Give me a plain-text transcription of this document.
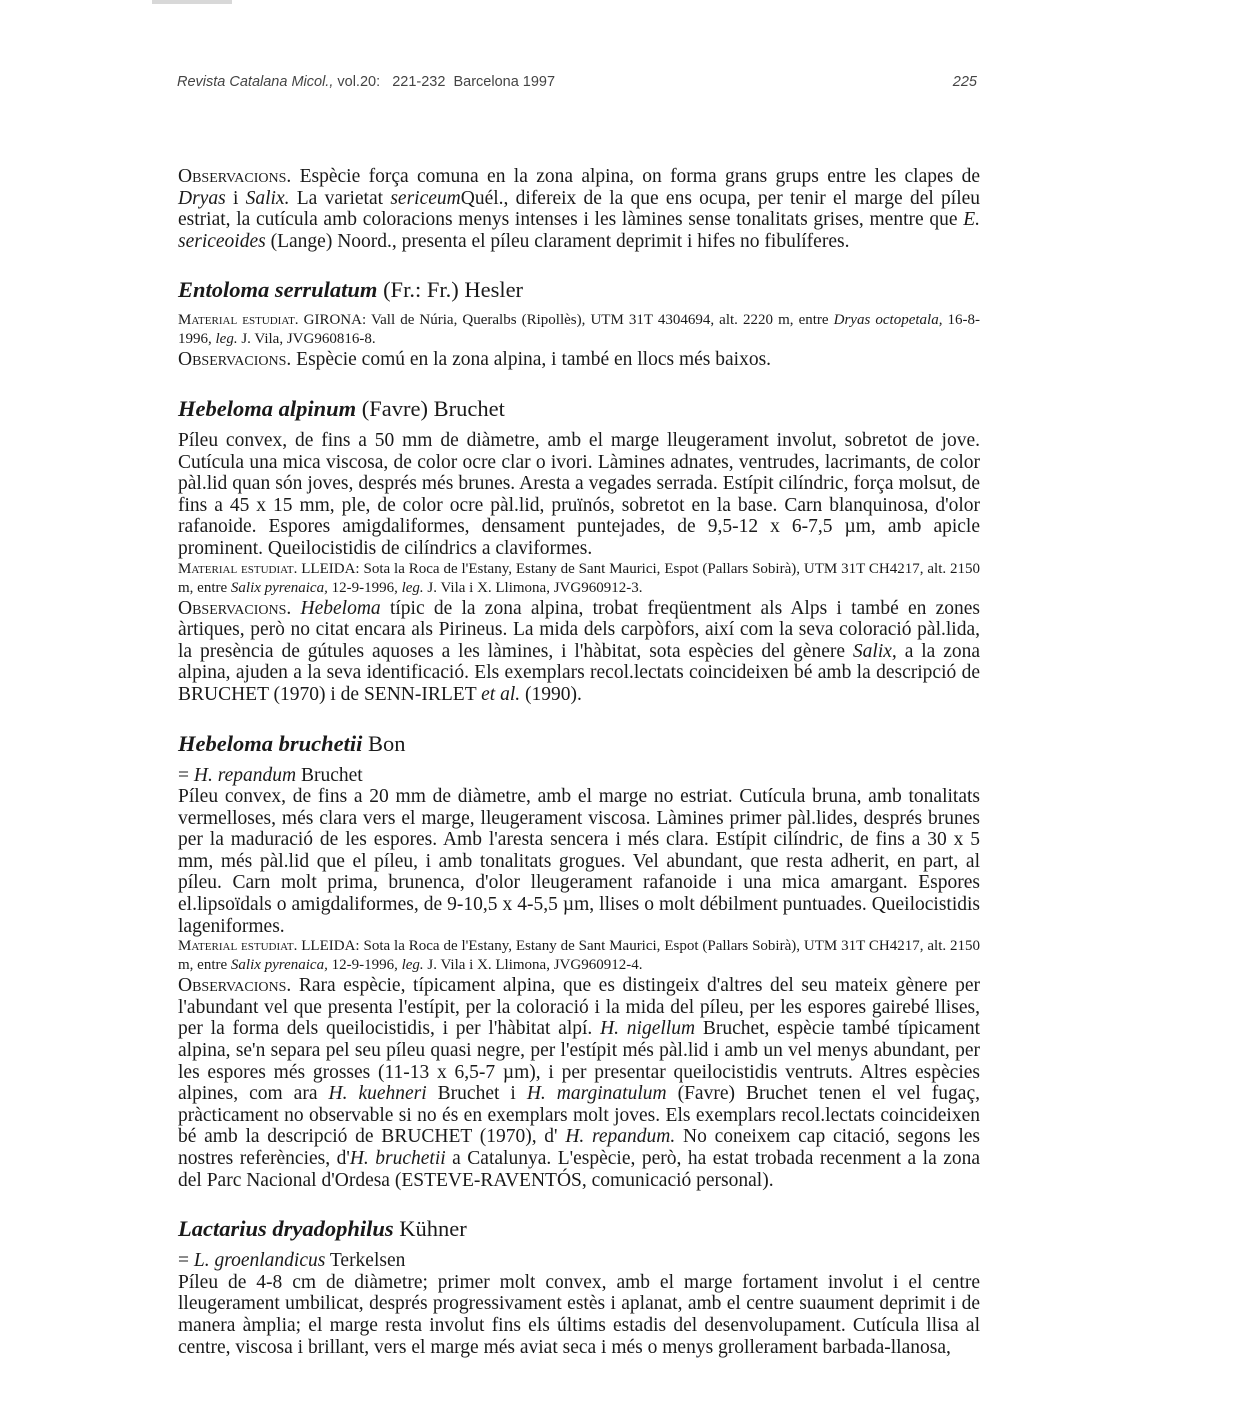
Revista Catalana Micol., vol.20: 221-232 Barcelona 1997	225

Observacions. Espècie força comuna en la zona alpina, on forma grans grups entre les clapes de Dryas i Salix. La varietat sericeumQuél., difereix de la que ens ocupa, per tenir el marge del píleu estriat, la cutícula amb coloracions menys intenses i les làmines sense tonalitats grises, mentre que E. sericeoides (Lange) Noord., presenta el píleu clarament deprimit i hifes no fibulíferes.

Entoloma serrulatum (Fr.: Fr.) Hesler

Material estudiat. GIRONA: Vall de Núria, Queralbs (Ripollès), UTM 31T 4304694, alt. 2220 m, entre Dryas octopetala, 16-8-1996, leg. J. Vila, JVG960816-8.

Observacions. Espècie comú en la zona alpina, i també en llocs més baixos.

Hebeloma alpinum (Favre) Bruchet

Píleu convex, de fins a 50 mm de diàmetre, amb el marge lleugerament involut, sobretot de jove. Cutícula una mica viscosa, de color ocre clar o ivori. Làmines adnates, ventrudes, lacrimants, de color pàl.lid quan són joves, després més brunes. Aresta a vegades serrada. Estípit cilíndric, força molsut, de fins a 45 x 15 mm, ple, de color ocre pàl.lid, pruïnós, sobretot en la base. Carn blanquinosa, d'olor rafanoide. Espores amigdaliformes, densament puntejades, de 9,5-12 x 6-7,5 µm, amb apicle prominent. Queilocistidis de cilíndrics a claviformes.

Material estudiat. LLEIDA: Sota la Roca de l'Estany, Estany de Sant Maurici, Espot (Pallars Sobirà), UTM 31T CH4217, alt. 2150 m, entre Salix pyrenaica, 12-9-1996, leg. J. Vila i X. Llimona, JVG960912-3.

Observacions. Hebeloma típic de la zona alpina, trobat freqüentment als Alps i també en zones àrtiques, però no citat encara als Pirineus. La mida dels carpòfors, així com la seva coloració pàl.lida, la presència de gútules aquoses a les làmines, i l'hàbitat, sota espècies del gènere Salix, a la zona alpina, ajuden a la seva identificació. Els exemplars recol.lectats coincideixen bé amb la descripció de BRUCHET (1970) i de SENN-IRLET et al. (1990).

Hebeloma bruchetii Bon

= H. repandum Bruchet

Píleu convex, de fins a 20 mm de diàmetre, amb el marge no estriat. Cutícula bruna, amb tonalitats vermelloses, més clara vers el marge, lleugerament viscosa. Làmines primer pàl.lides, després brunes per la maduració de les espores. Amb l'aresta sencera i més clara. Estípit cilíndric, de fins a 30 x 5 mm, més pàl.lid que el píleu, i amb tonalitats grogues. Vel abundant, que resta adherit, en part, al píleu. Carn molt prima, brunenca, d'olor lleugerament rafanoide i una mica amargant. Espores el.lipsoïdals o amigdaliformes, de 9-10,5 x 4-5,5 µm, llises o molt débilment puntuades. Queilocistidis lageniformes.

Material estudiat. LLEIDA: Sota la Roca de l'Estany, Estany de Sant Maurici, Espot (Pallars Sobirà), UTM 31T CH4217, alt. 2150 m, entre Salix pyrenaica, 12-9-1996, leg. J. Vila i X. Llimona, JVG960912-4.

Observacions. Rara espècie, típicament alpina, que es distingeix d'altres del seu mateix gènere per l'abundant vel que presenta l'estípit, per la coloració i la mida del píleu, per les espores gairebé llises, per la forma dels queilocistidis, i per l'hàbitat alpí. H. nigellum Bruchet, espècie també típicament alpina, se'n separa pel seu píleu quasi negre, per l'estípit més pàl.lid i amb un vel menys abundant, per les espores més grosses (11-13 x 6,5-7 µm), i per presentar queilocistidis ventruts. Altres espècies alpines, com ara H. kuehneri Bruchet i H. marginatulum (Favre) Bruchet tenen el vel fugaç, pràcticament no observable si no és en exemplars molt joves. Els exemplars recol.lectats coincideixen bé amb la descripció de BRUCHET (1970), d' H. repandum. No coneixem cap citació, segons les nostres referències, d'H. bruchetii a Catalunya. L'espècie, però, ha estat trobada recenment a la zona del Parc Nacional d'Ordesa (ESTEVE-RAVENTÓS, comunicació personal).

Lactarius dryadophilus Kühner

= L. groenlandicus Terkelsen

Píleu de 4-8 cm de diàmetre; primer molt convex, amb el marge fortament involut i el centre lleugerament umbilicat, després progressivament estès i aplanat, amb el centre suaument deprimit i de manera àmplia; el marge resta involut fins els últims estadis del desenvolupament. Cutícula llisa al centre, viscosa i brillant, vers el marge més aviat seca i més o menys grollerament barbada-llanosa,
